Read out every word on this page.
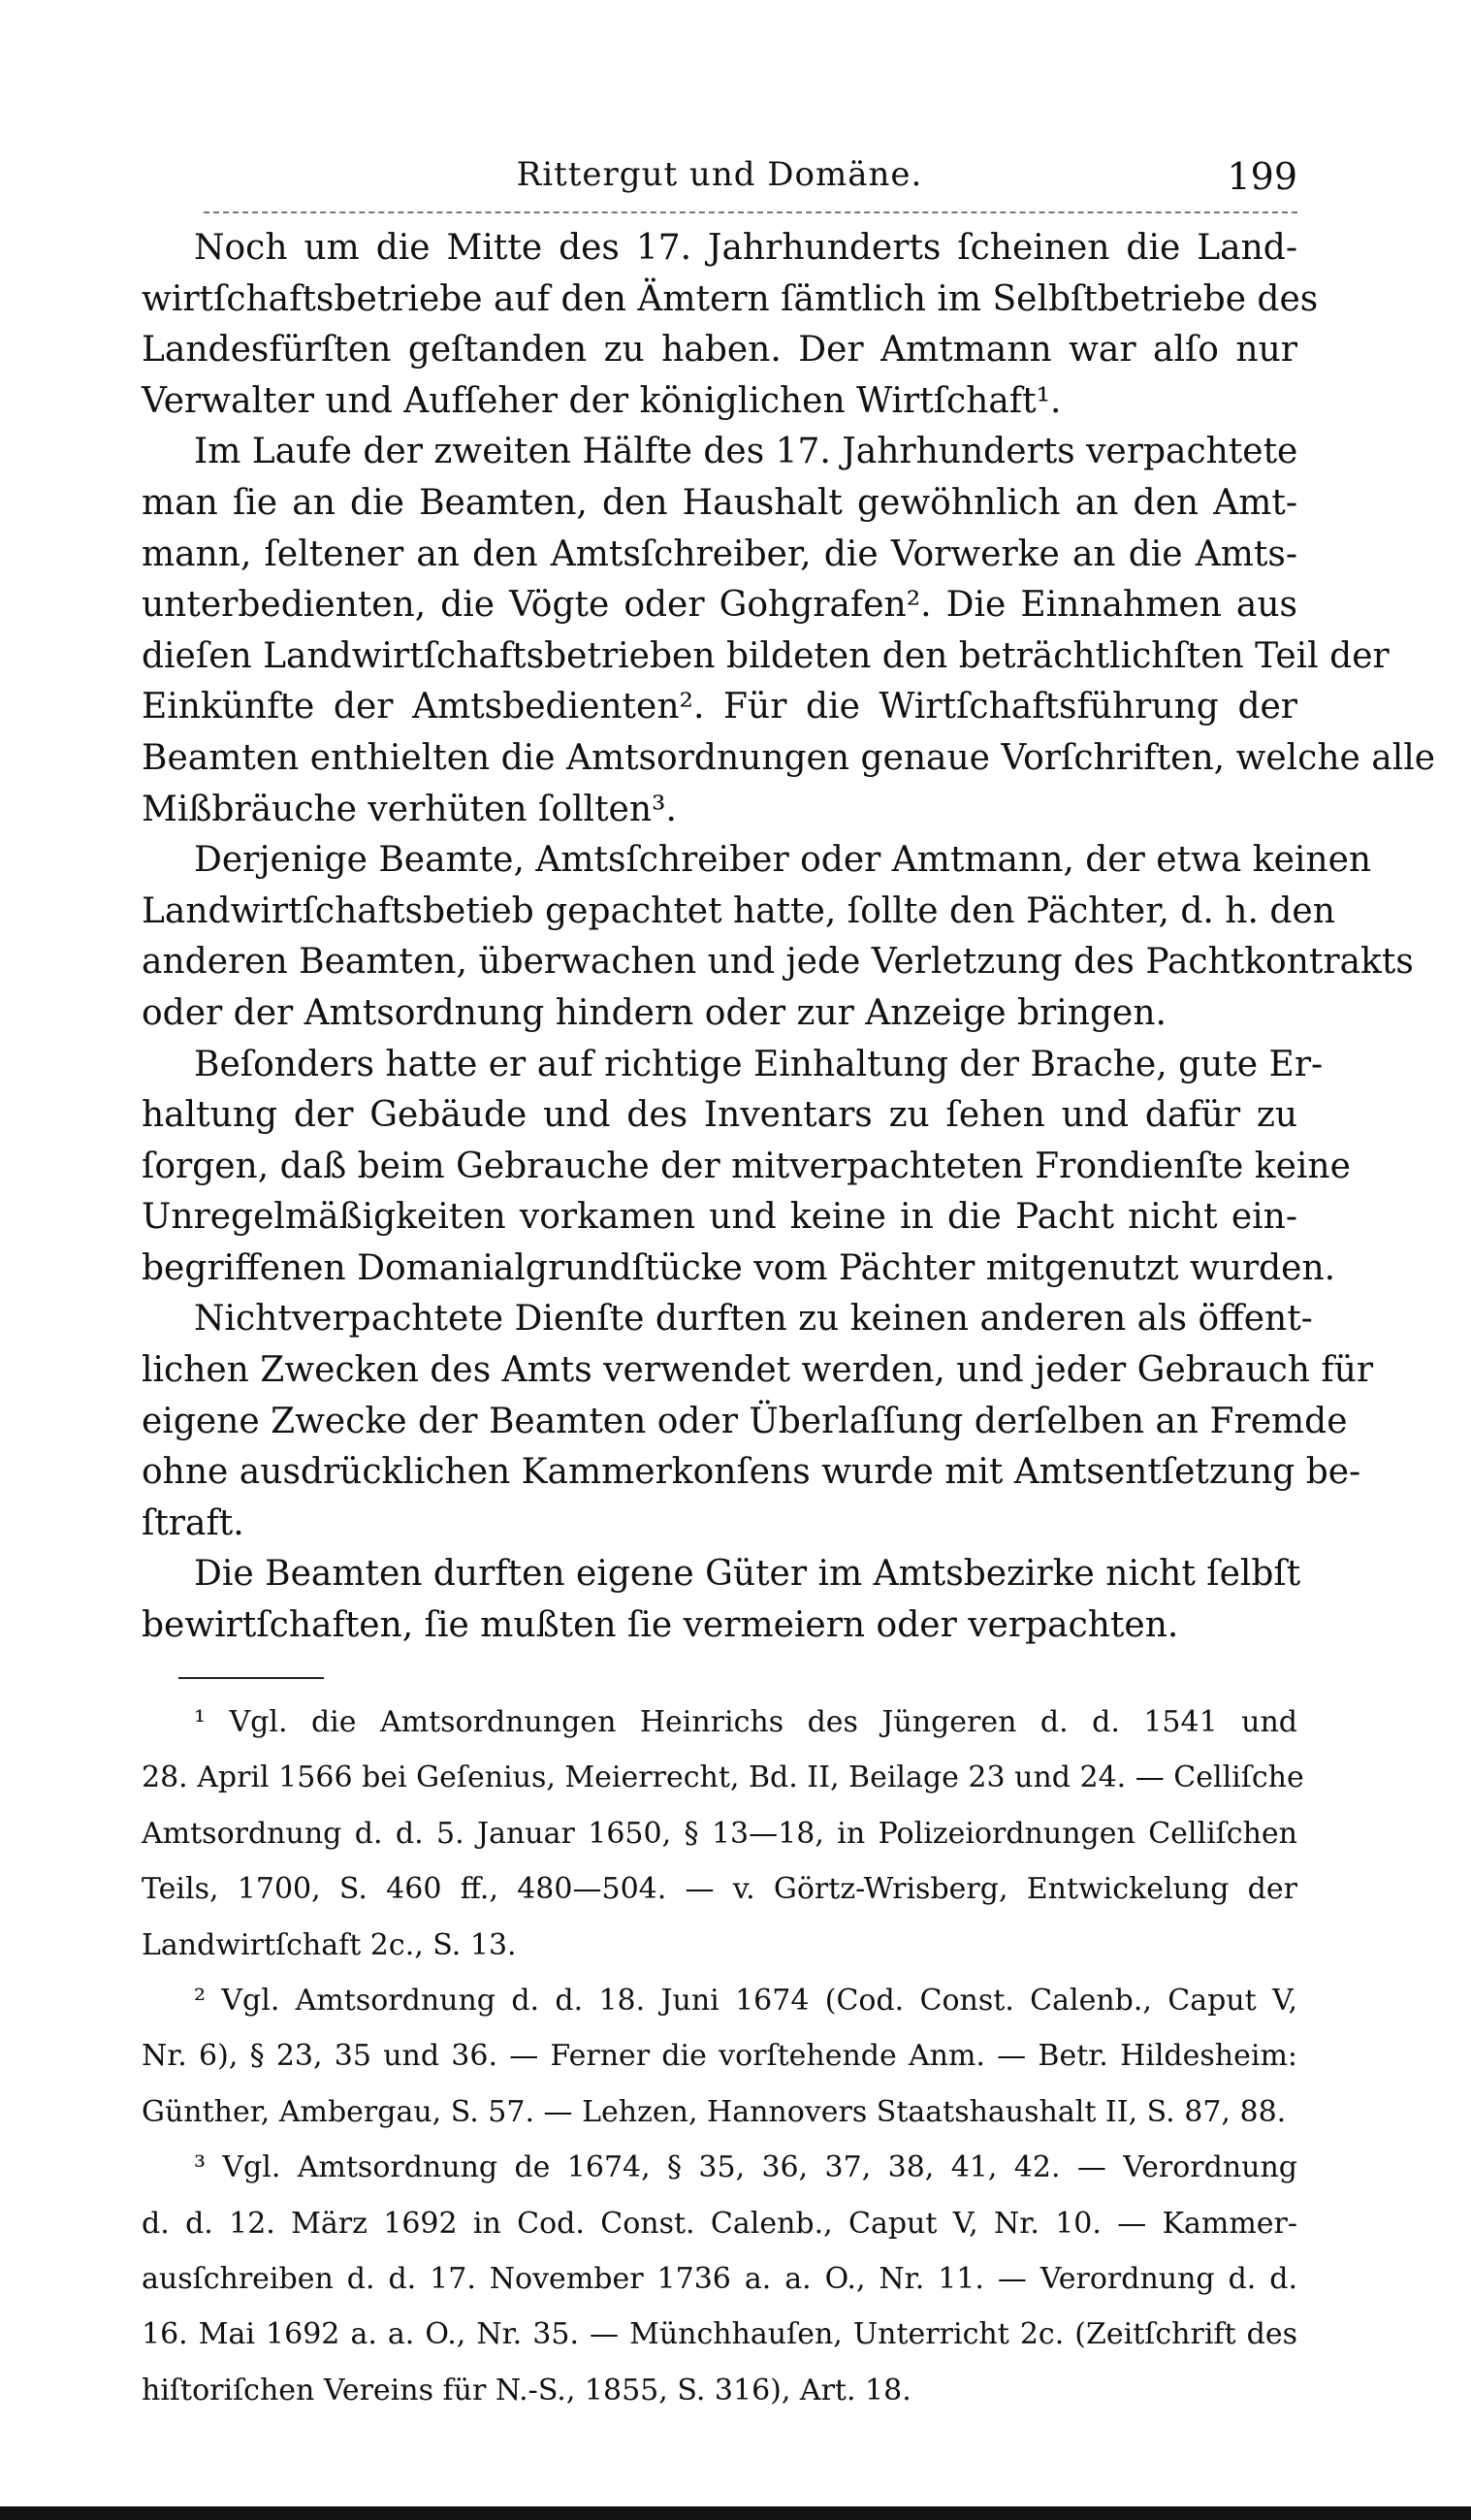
Rittergut und Domäne.	199
Noch um die Mitte des 17. Jahrhunderts ſcheinen die Land-
wirtſchaftsbetriebe auf den Ämtern ſämtlich im Selbſtbetriebe des
Landesfürſten geſtanden zu haben. Der Amtmann war alſo nur
Verwalter und Aufſeher der königlichen Wirtſchaft¹.
Im Laufe der zweiten Hälfte des 17. Jahrhunderts verpachtete
man ſie an die Beamten, den Haushalt gewöhnlich an den Amt-
mann, ſeltener an den Amtsſchreiber, die Vorwerke an die Amts-
unterbedienten, die Vögte oder Gohgrafen². Die Einnahmen aus
dieſen Landwirtſchaftsbetrieben bildeten den beträchtlichſten Teil der
Einkünfte der Amtsbedienten². Für die Wirtſchaftsführung der
Beamten enthielten die Amtsordnungen genaue Vorſchriften, welche alle
Mißbräuche verhüten ſollten³.
Derjenige Beamte, Amtsſchreiber oder Amtmann, der etwa keinen
Landwirtſchaftsbetieb gepachtet hatte, ſollte den Pächter, d. h. den
anderen Beamten, überwachen und jede Verletzung des Pachtkontrakts
oder der Amtsordnung hindern oder zur Anzeige bringen.
Beſonders hatte er auf richtige Einhaltung der Brache, gute Er-
haltung der Gebäude und des Inventars zu ſehen und dafür zu
ſorgen, daß beim Gebrauche der mitverpachteten Frondienſte keine
Unregelmäßigkeiten vorkamen und keine in die Pacht nicht ein-
begriffenen Domanialgrundſtücke vom Pächter mitgenutzt wurden.
Nichtverpachtete Dienſte durften zu keinen anderen als öffent-
lichen Zwecken des Amts verwendet werden, und jeder Gebrauch für
eigene Zwecke der Beamten oder Überlaſſung derſelben an Fremde
ohne ausdrücklichen Kammerkonſens wurde mit Amtsentſetzung be-
ſtraft.
Die Beamten durften eigene Güter im Amtsbezirke nicht ſelbſt
bewirtſchaften, ſie mußten ſie vermeiern oder verpachten.
¹ Vgl. die Amtsordnungen Heinrichs des Jüngeren d. d. 1541 und
28. April 1566 bei Geſenius, Meierrecht, Bd. II, Beilage 23 und 24. — Celliſche
Amtsordnung d. d. 5. Januar 1650, § 13—18, in Polizeiordnungen Celliſchen
Teils, 1700, S. 460 ff., 480—504. — v. Görtz-Wrisberg, Entwickelung der
Landwirtſchaft 2c., S. 13.
² Vgl. Amtsordnung d. d. 18. Juni 1674 (Cod. Const. Calenb., Caput V,
Nr. 6), § 23, 35 und 36. — Ferner die vorſtehende Anm. — Betr. Hildesheim:
Günther, Ambergau, S. 57. — Lehzen, Hannovers Staatshaushalt II, S. 87, 88.
³ Vgl. Amtsordnung de 1674, § 35, 36, 37, 38, 41, 42. — Verordnung
d. d. 12. März 1692 in Cod. Const. Calenb., Caput V, Nr. 10. — Kammer-
ausſchreiben d. d. 17. November 1736 a. a. O., Nr. 11. — Verordnung d. d.
16. Mai 1692 a. a. O., Nr. 35. — Münchhauſen, Unterricht 2c. (Zeitſchrift des
hiſtoriſchen Vereins für N.-S., 1855, S. 316), Art. 18.
